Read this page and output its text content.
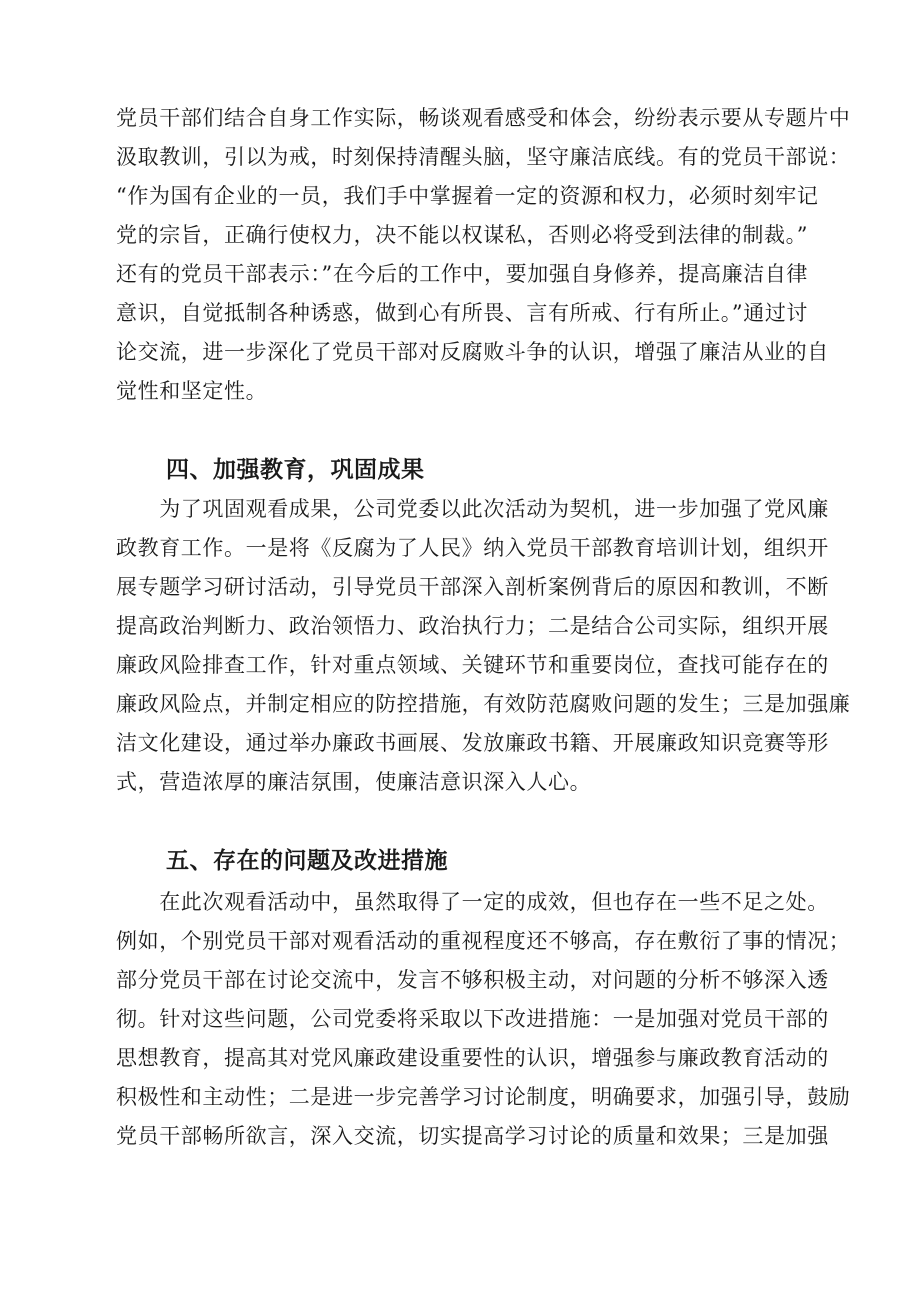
党员干部们结合自身工作实际，畅谈观看感受和体会，纷纷表示要从专题片中
汲取教训，引以为戒，时刻保持清醒头脑，坚守廉洁底线。有的党员干部说：
“作为国有企业的一员，我们手中掌握着一定的资源和权力，必须时刻牢记
党的宗旨，正确行使权力，决不能以权谋私，否则必将受到法律的制裁。”
还有的党员干部表示：”在今后的工作中，要加强自身修养，提高廉洁自律
意识，自觉抵制各种诱惑，做到心有所畏、言有所戒、行有所止。”通过讨
论交流，进一步深化了党员干部对反腐败斗争的认识，增强了廉洁从业的自
觉性和坚定性。
四、加强教育，巩固成果
　　为了巩固观看成果，公司党委以此次活动为契机，进一步加强了党风廉
政教育工作。一是将《反腐为了人民》纳入党员干部教育培训计划，组织开
展专题学习研讨活动，引导党员干部深入剖析案例背后的原因和教训，不断
提高政治判断力、政治领悟力、政治执行力；二是结合公司实际，组织开展
廉政风险排查工作，针对重点领域、关键环节和重要岗位，查找可能存在的
廉政风险点，并制定相应的防控措施，有效防范腐败问题的发生；三是加强廉
洁文化建设，通过举办廉政书画展、发放廉政书籍、开展廉政知识竞赛等形
式，营造浓厚的廉洁氛围，使廉洁意识深入人心。
五、存在的问题及改进措施
　　在此次观看活动中，虽然取得了一定的成效，但也存在一些不足之处。
例如，个别党员干部对观看活动的重视程度还不够高，存在敷衍了事的情况；
部分党员干部在讨论交流中，发言不够积极主动，对问题的分析不够深入透
彻。针对这些问题，公司党委将采取以下改进措施：一是加强对党员干部的
思想教育，提高其对党风廉政建设重要性的认识，增强参与廉政教育活动的
积极性和主动性；二是进一步完善学习讨论制度，明确要求，加强引导，鼓励
党员干部畅所欲言，深入交流，切实提高学习讨论的质量和效果；三是加强
